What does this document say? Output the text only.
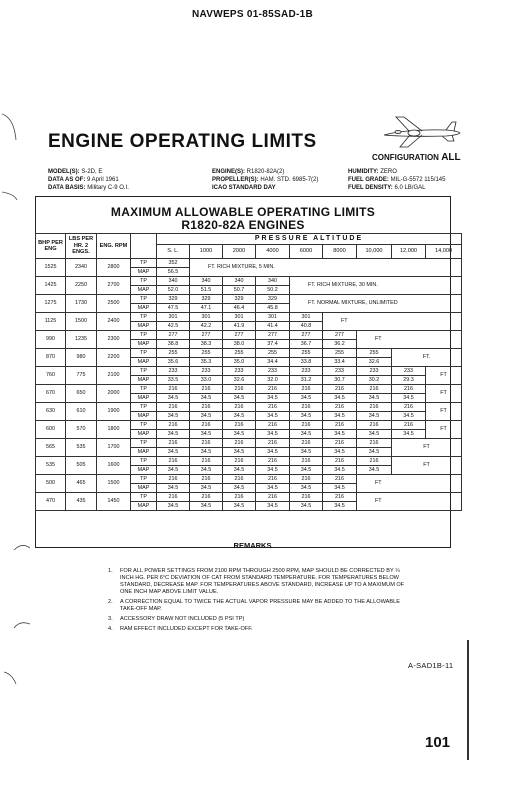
NAVWEPS 01-85SAD-1B
ENGINE OPERATING LIMITS
CONFIGURATION ALL
MODEL(S): S-2D, E
DATA AS OF: 9 April 1961
DATA BASIS: Military C-9 O.I.
ENGINE(S): R1820-82A(2)
PROPELLER(S): HAM. STD. 6985-7(2)
ICAO STANDARD DAY
HUMIDITY: ZERO
FUEL GRADE: MIL-G-5572 115/145
FUEL DENSITY: 6.0 LB/GAL
MAXIMUM ALLOWABLE OPERATING LIMITS
R1820-82A ENGINES
BHP PER ENG	LBS PER HR. 2 ENGS.	ENG. RPM		PRESSURE ALTITUDE								
				S. L.	1000	2000	4000	6000	8000	10,000	12,000	14,000
1525	2340	2800	TP	352	FT. RICH MIXTURE, 5 MIN.							
			MAP	56.5								
1425	2250	2700	TP	340	340	340	340	FT. RICH MIXTURE, 30 MIN.				
			MAP	52.0	51.5	50.7	50.2					
1275	1730	2500	TP	329	329	329	329	FT. NORMAL MIXTURE, UNLIMITED				
			MAP	47.5	47.1	46.4	45.8					
1125	1500	2400	TP	301	301	301	301	301	FT			
			MAP	42.5	42.2	41.9	41.4	40.8				
990	1235	2300	TP	277	277	277	277	277	277	FT		
			MAP	38.8	38.3	38.0	37.4	36.7	36.2			
870	980	2200	TP	255	255	255	255	255	255	255	FT.	
			MAP	35.6	35.3	35.0	34.4	33.8	33.4	32.6		
760	775	2100	TP	233	233	233	233	233	233	233	233	FT
			MAP	33.5	33.0	32.6	32.0	31.2	30.7	30.2	29.3	
670	650	2000	TP	216	216	216	216	216	216	216	216	FT
			MAP	34.5	34.5	34.5	34.5	34.5	34.5	34.5	34.5	
630	610	1900	TP	216	216	216	216	216	216	216	216	FT
			MAP	34.5	34.5	34.5	34.5	34.5	34.5	34.5	34.5	
600	570	1800	TP	216	216	216	216	216	216	216	216	FT
			MAP	34.5	34.5	34.5	34.5	34.5	34.5	34.5	34.5	
565	535	1700	TP	216	216	216	216	216	216	216	FT	
			MAP	34.5	34.5	34.5	34.5	34.5	34.5	34.5		
535	505	1600	TP	216	216	216	216	216	216	216	FT	
			MAP	34.5	34.5	34.5	34.5	34.5	34.5	34.5		
500	465	1500	TP	216	216	216	216	216	216	FT		
			MAP	34.5	34.5	34.5	34.5	34.5	34.5			
470	435	1450	TP	216	216	216	216	216	216	FT		
			MAP	34.5	34.5	34.5	34.5	34.5	34.5			
REMARKS
1. FOR ALL POWER SETTINGS FROM 2100 RPM THROUGH 2500 RPM, MAP SHOULD BE CORRECTED BY ¼ INCH HG. PER 6°C DEVIATION OF CAT FROM STANDARD TEMPERATURE. FOR TEMPERATURES BELOW STANDARD, DECREASE MAP. FOR TEMPERATURES ABOVE STANDARD, INCREASE UP TO A MAXIMUM OF ONE INCH MAP ABOVE LIMIT VALUE.
2. A CORRECTION EQUAL TO TWICE THE ACTUAL VAPOR PRESSURE MAY BE ADDED TO THE ALLOWABLE TAKE-OFF MAP.
3. ACCESSORY DRAW NOT INCLUDED (5 PSI TP)
4. RAM EFFECT INCLUDED EXCEPT FOR TAKE-OFF.
A-SAD1B-11
101
